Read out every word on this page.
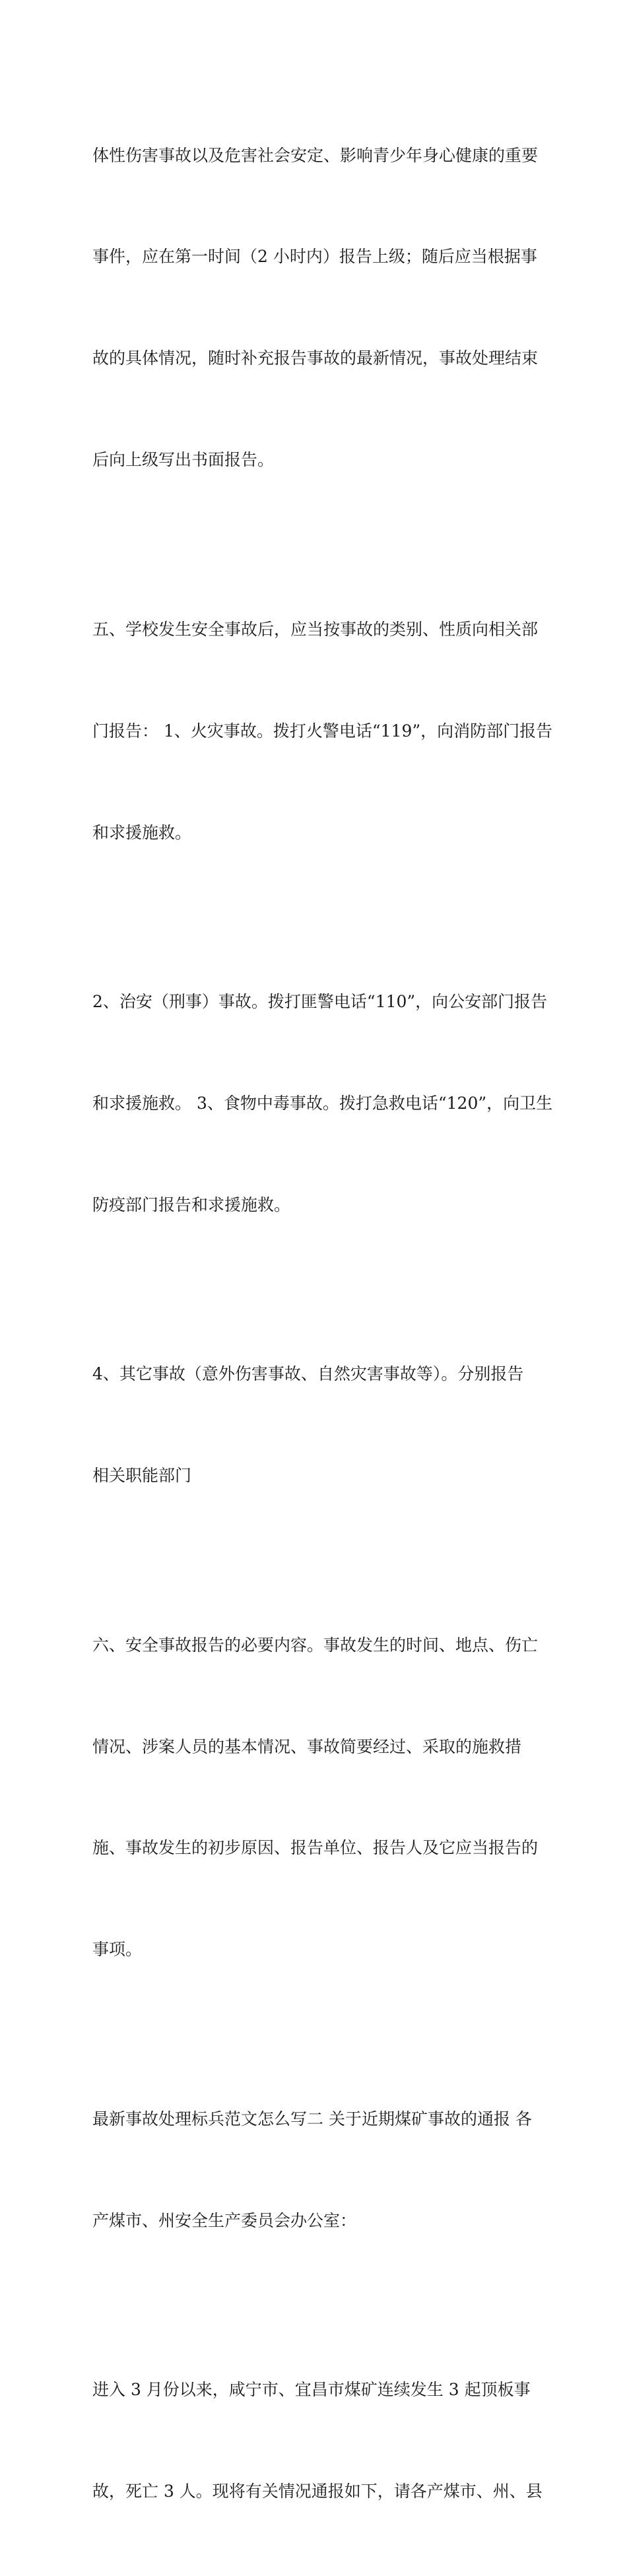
体性伤害事故以及危害社会安定、影响青少年身心健康的重要

事件，应在第一时间（2 小时内）报告上级；随后应当根据事

故的具体情况，随时补充报告事故的最新情况，事故处理结束

后向上级写出书面报告。

五、学校发生安全事故后，应当按事故的类别、性质向相关部

门报告： 1、火灾事故。拨打火警电话“119”，向消防部门报告

和求援施救。

2、治安（刑事）事故。拨打匪警电话“110”，向公安部门报告

和求援施救。 3、食物中毒事故。拨打急救电话“120”，向卫生

防疫部门报告和求援施救。

4、其它事故（意外伤害事故、自然灾害事故等）。分别报告

相关职能部门

六、安全事故报告的必要内容。事故发生的时间、地点、伤亡

情况、涉案人员的基本情况、事故简要经过、采取的施救措

施、事故发生的初步原因、报告单位、报告人及它应当报告的

事项。

最新事故处理标兵范文怎么写二 关于近期煤矿事故的通报 各

产煤市、州安全生产委员会办公室：

进入 3 月份以来，咸宁市、宜昌市煤矿连续发生 3 起顶板事

故，死亡 3 人。现将有关情况通报如下，请各产煤市、州、县
